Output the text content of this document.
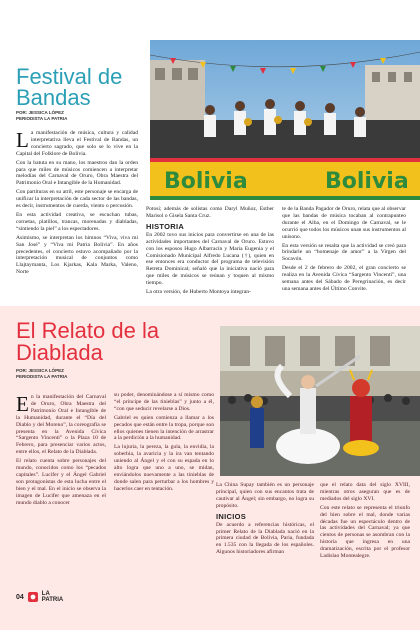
Festival de Bandas
POR: JESSICA LÓPEZ
PERIODISTA LA PATRIA
Bolivia	Bolivia

La manifestación de música, cultura y calidad interpretativa lleva el Festival de Bandas, un concierto sagrado, que solo se lo vive en la Capital del Folklore de Bolivia.

Con la batuta en su mano, los maestros dan la orden para que miles de músicos comiencen a interpretar melodías del Carnaval de Oruro, Obra Maestra del Patrimonio Oral e Intangible de la Humanidad.

Con partituras en su atril, este personaje se encarga de unificar la interpretación de cada sector de las bandas, es decir, instrumentos de cuerda, viento o percusión.

En esta actividad creativa, se escuchan tubas, cornetas, platillos, trancas, morenadas y diabladas, “sintiendo la piel” a los espectadores.

Asimismo, se interpretan los himnos “Viva, viva mi San José” y “Viva mi Patria Bolivia”. En años precedentes, el concierto estuvo acompañado por la interpretación musical de conjuntos como Llajtaymanta, Los Kjarkas, Kala Marka, Valeno, Norte

Potosí; además de solistas como Daryl Muñoz, Esther Marisol o Gisela Santa Cruz.

HISTORIA

En 2002 tuvo sus inicios para convertirse en una de las actividades importantes del Carnaval de Oruro. Estuvo con los esposos Hugo Albarracín y Maria Eugenia y el Comisionado Municipal Alfredo Lucana (†), quien en ese entonces era conductor del programa de televisión Retreta Dominical; señaló que la iniciativa nació para que miles de músicos se reúnan y toquen al mismo tiempo.

La otra versión, de Huberto Montoya integran-

te de la Banda Pagador de Oruro, relata que al observar que las bandas de música tocaban al contrapunteo durante el Alba, en el Domingo de Carnaval, se le ocurrió que todos los músicos unan sus instrumentos al unísono.

En esta versión se resalta que la actividad se creó para brindarle un “homenaje de amor” a la Virgen del Socavón.

Desde el 2 de febrero de 2002, el gran concierto se realiza en la Avenida Cívica “Sargento Vincenti”, una semana antes del Sábado de Peregrinación, es decir una semana antes del Último Convite.

El Relato de la Diablada
POR: JESSICA LÓPEZ
PERIODISTA LA PATRIA

En la manifestación del Carnaval de Oruro, Obra Maestra del Patrimonio Oral e Intangible de la Humanidad, durante el “Día del Diablo y del Moreno”, la coreografía se presenta en la Avenida Cívica “Sargento Vincenti” o la Plaza 10 de Febrero, para presenciar varios actos, entre ellos, el Relato de la Diablada.

El relato cuenta sobre personajes del mundo, conocidos como los “pecados capitales”. Lucifer y el Ángel Gabriel son protagonistas de esta lucha entre el bien y el mal. En el inicio se observa la imagen de Lucifer que amenaza en el mundo diablo a conocer

su poder, denominándose a sí mismo como “el príncipe de las tinieblas” y junto a él, “con que seducir revelarse a Dios.

Gabriel es quien comienza a llamar a los pecados que están entre la tropa, porque son ellos quienes tienen la intención de arrastrar a la perdición a la humanidad.

La lujuria, la pereza, la gula, la envidia, la soberbia, la avaricia y la ira van tentando uniendo al Ángel y el con su espada en lo alto logra que uno a uno, se midan, enviándolos nuevamente a las tinieblas de donde salen para perturbar a los hombres y hacerlos caer en tentación.

La China Supay también es un personaje principal, quien con sus encantos trata de cautivar al Ángel; sin embargo, no logra su propósito.

INICIOS

De acuerdo a referencias históricas, el primer Relato de la Diablada nació en la primera ciudad de Bolivia, Paria, fundada en 1.535 con la llegada de los españoles. Algunos historiadores afirman

que el relato data del siglo XVIII, mientras otros aseguran que es de mediados del siglo XVI.

Con este relato se representa el triunfo del bien sobre el mal, donde varias décadas fue un espectáculo dentro de las actividades del Carnaval; ya que cientos de personas se asombran con la historia que ingresa en una dramatización, escrita por el profesor Ladislao Montealegre.

04	LA
PATRIA
